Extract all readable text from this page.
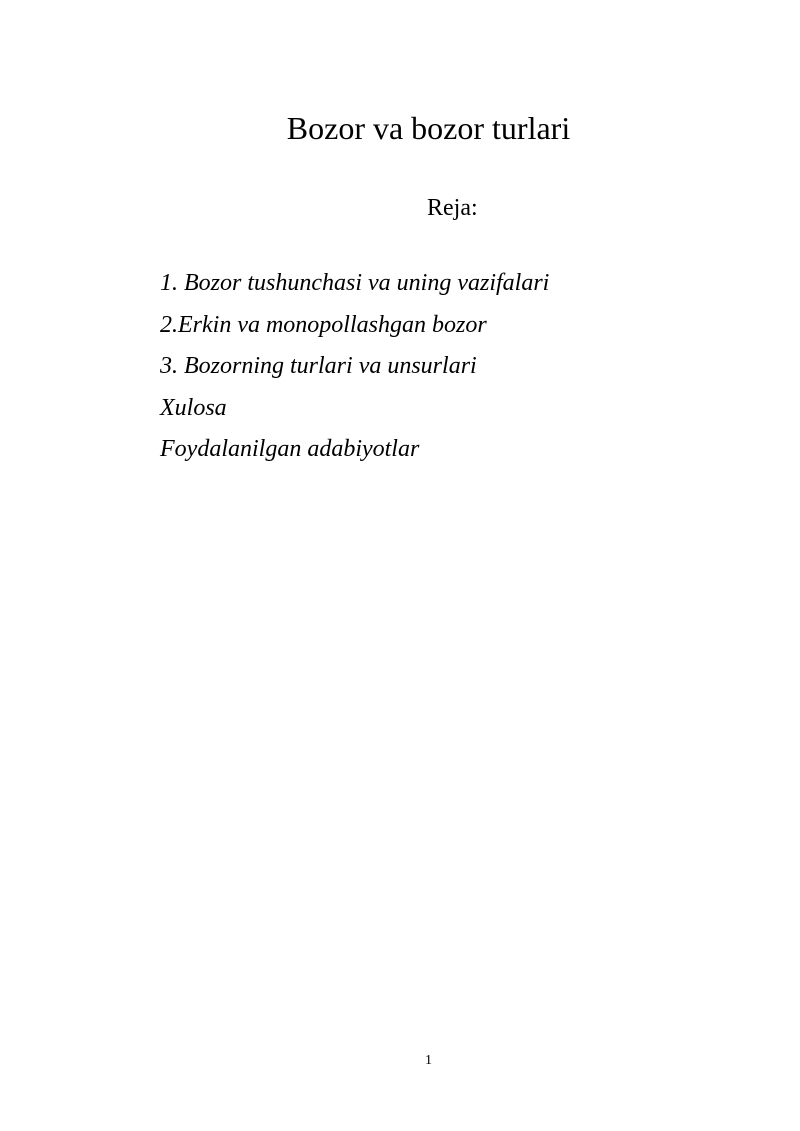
Bozor va bozor turlari
Reja:
1. Bozor tushunchasi va uning vazifalari
2.Erkin va monopollashgan bozor
3. Bozorning turlari va unsurlari
Xulosa
Foydalanilgan adabiyotlar
1
